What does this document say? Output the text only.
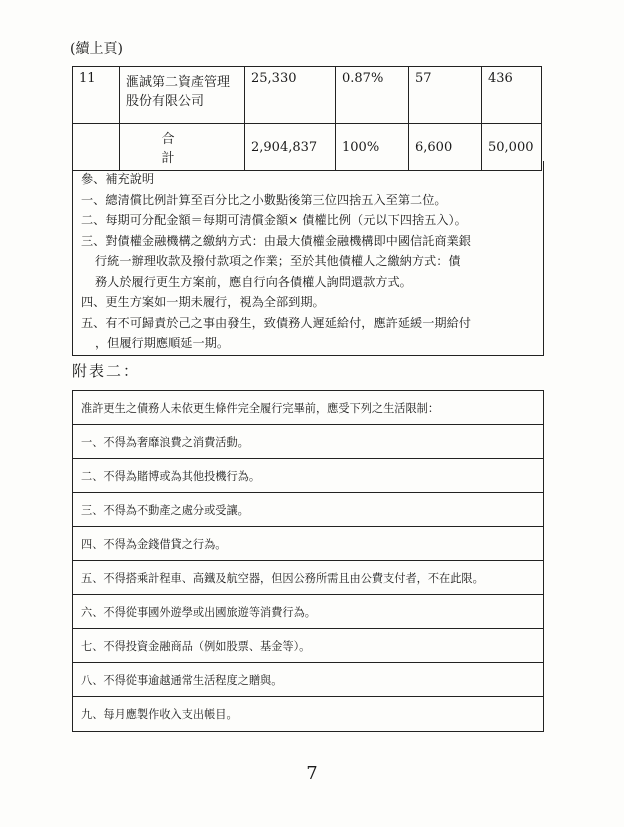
(續上頁)
11	滙誠第二資產管理股份有限公司	25,330	0.87%	57	436
	合 計	2,904,837	100%	6,600	50,000
參、補充說明
一、總清償比例計算至百分比之小數點後第三位四捨五入至第二位。
二、每期可分配金額＝每期可清償金額× 債權比例（元以下四捨五入）。
三、對債權金融機構之繳納方式：由最大債權金融機構即中國信託商業銀
行統一辦理收款及撥付款項之作業；至於其他債權人之繳納方式：債
務人於履行更生方案前，應自行向各債權人詢問還款方式。
四、更生方案如一期未履行，視為全部到期。
五、有不可歸責於己之事由發生，致債務人遲延給付，應許延緩一期給付
，但履行期應順延一期。
附表二：
准許更生之債務人未依更生條件完全履行完畢前，應受下列之生活限制：
一、不得為奢靡浪費之消費活動。
二、不得為賭博或為其他投機行為。
三、不得為不動產之處分或受讓。
四、不得為金錢借貸之行為。
五、不得搭乘計程車、高鐵及航空器，但因公務所需且由公費支付者，不在此限。
六、不得從事國外遊學或出國旅遊等消費行為。
七、不得投資金融商品（例如股票、基金等）。
八、不得從事逾越通常生活程度之贈與。
九、每月應製作收入支出帳目。
7
